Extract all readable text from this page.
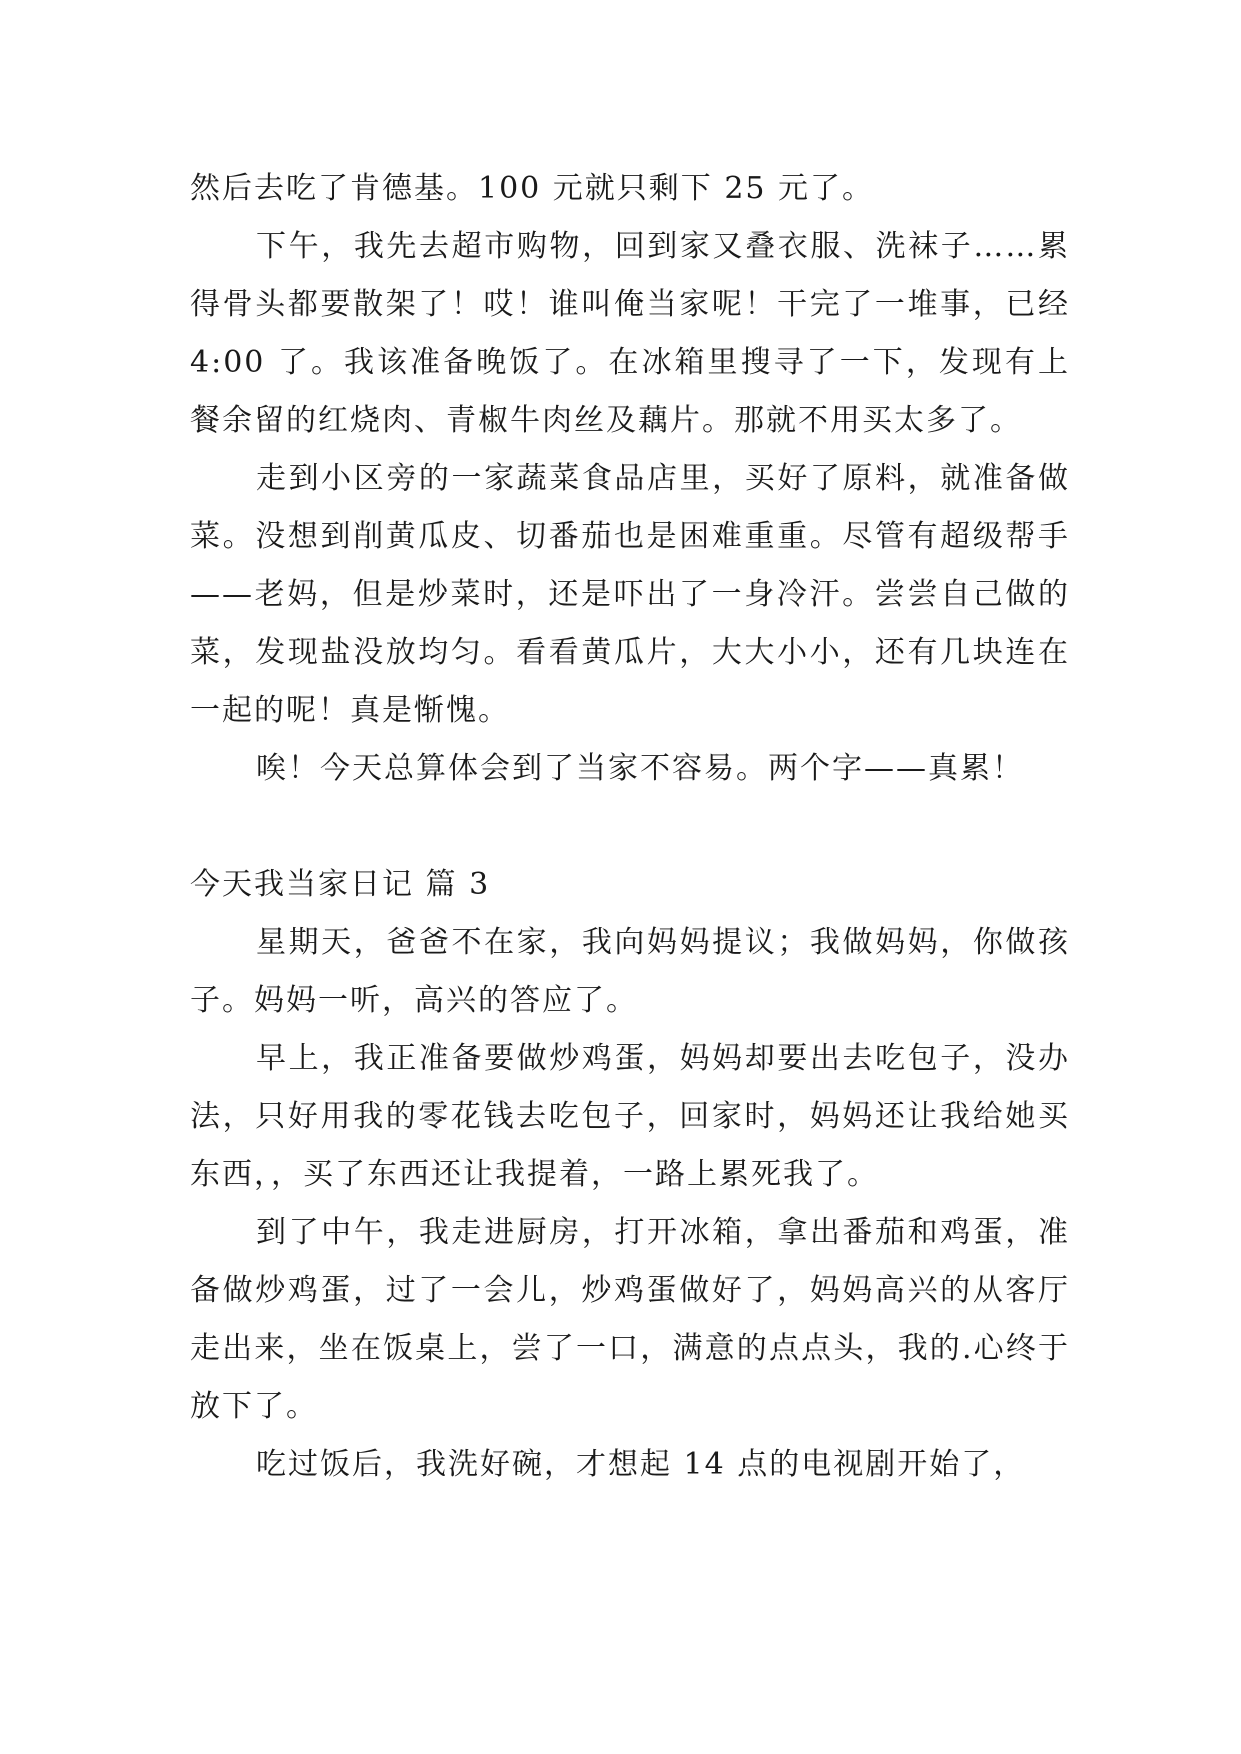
然后去吃了肯德基。100 元就只剩下 25 元了。

下午，我先去超市购物，回到家又叠衣服、洗袜子……累得骨头都要散架了！哎！谁叫俺当家呢！干完了一堆事，已经 4:00 了。我该准备晚饭了。在冰箱里搜寻了一下，发现有上餐余留的红烧肉、青椒牛肉丝及藕片。那就不用买太多了。

走到小区旁的一家蔬菜食品店里，买好了原料，就准备做菜。没想到削黄瓜皮、切番茄也是困难重重。尽管有超级帮手——老妈，但是炒菜时，还是吓出了一身冷汗。尝尝自己做的菜，发现盐没放均匀。看看黄瓜片，大大小小，还有几块连在一起的呢！真是惭愧。

唉！今天总算体会到了当家不容易。两个字——真累！

今天我当家日记 篇 3

星期天，爸爸不在家，我向妈妈提议；我做妈妈，你做孩子。妈妈一听，高兴的答应了。

早上，我正准备要做炒鸡蛋，妈妈却要出去吃包子，没办法，只好用我的零花钱去吃包子，回家时，妈妈还让我给她买东西，，买了东西还让我提着，一路上累死我了。

到了中午，我走进厨房，打开冰箱，拿出番茄和鸡蛋，准备做炒鸡蛋，过了一会儿，炒鸡蛋做好了，妈妈高兴的从客厅走出来，坐在饭桌上，尝了一口，满意的点点头，我的.心终于放下了。

吃过饭后，我洗好碗，才想起 14 点的电视剧开始了，
